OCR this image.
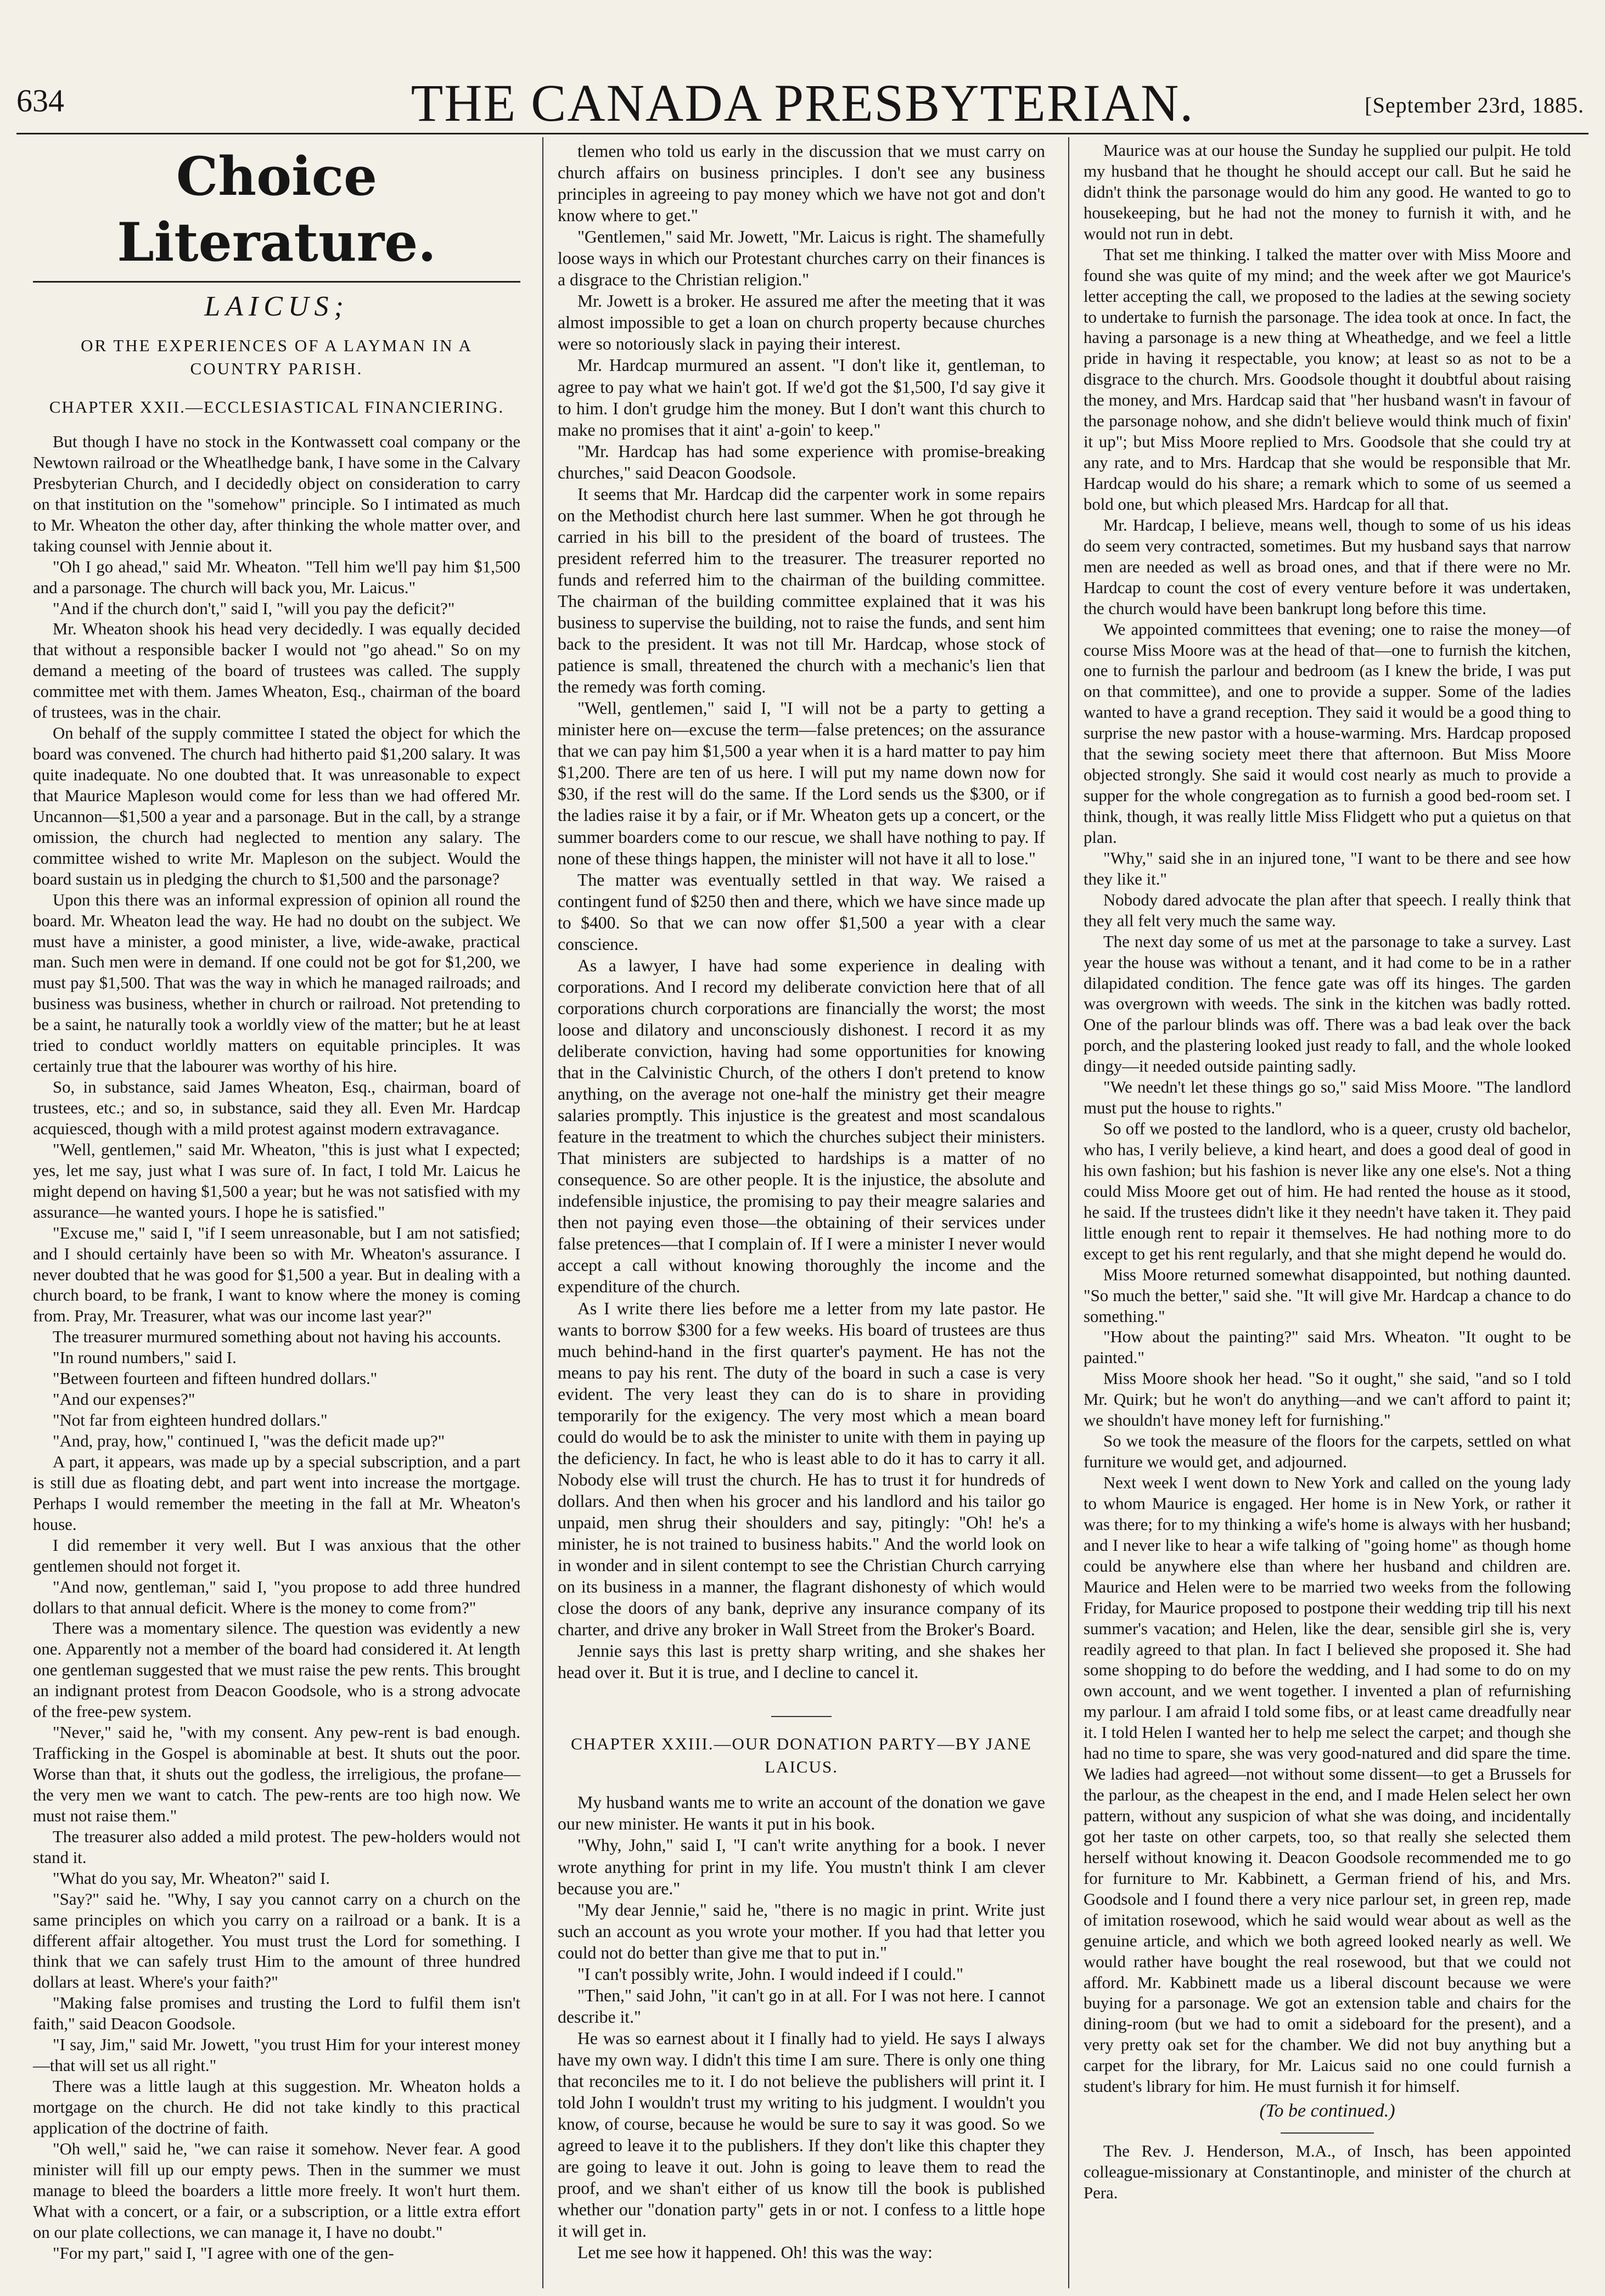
634	THE CANADA PRESBYTERIAN.	[September 23rd, 1885.
Choice Literature.
LAICUS;
OR THE EXPERIENCES OF A LAYMAN IN A COUNTRY PARISH.
CHAPTER XXII.—ECCLESIASTICAL FINANCIERING.

But though I have no stock in the Kontwassett coal company or the Newtown railroad or the Wheatlhedge bank, I have some in the Calvary Presbyterian Church, and I decidedly object on consideration to carry on that institution on the "somehow" principle. So I intimated as much to Mr. Wheaton the other day, after thinking the whole matter over, and taking counsel with Jennie about it.

"Oh I go ahead," said Mr. Wheaton. "Tell him we'll pay him $1,500 and a parsonage. The church will back you, Mr. Laicus."

"And if the church don't," said I, "will you pay the deficit?"

Mr. Wheaton shook his head very decidedly. I was equally decided that without a responsible backer I would not "go ahead." So on my demand a meeting of the board of trustees was called. The supply committee met with them. James Wheaton, Esq., chairman of the board of trustees, was in the chair.

On behalf of the supply committee I stated the object for which the board was convened. The church had hitherto paid $1,200 salary. It was quite inadequate. No one doubted that. It was unreasonable to expect that Maurice Mapleson would come for less than we had offered Mr. Uncannon—$1,500 a year and a parsonage. But in the call, by a strange omission, the church had neglected to mention any salary. The committee wished to write Mr. Mapleson on the subject. Would the board sustain us in pledging the church to $1,500 and the parsonage?

Upon this there was an informal expression of opinion all round the board. Mr. Wheaton lead the way. He had no doubt on the subject. We must have a minister, a good minister, a live, wide-awake, practical man. Such men were in demand. If one could not be got for $1,200, we must pay $1,500. That was the way in which he managed railroads; and business was business, whether in church or railroad. Not pretending to be a saint, he naturally took a worldly view of the matter; but he at least tried to conduct worldly matters on equitable principles. It was certainly true that the labourer was worthy of his hire.

So, in substance, said James Wheaton, Esq., chairman, board of trustees, etc.; and so, in substance, said they all. Even Mr. Hardcap acquiesced, though with a mild protest against modern extravagance.

"Well, gentlemen," said Mr. Wheaton, "this is just what I expected; yes, let me say, just what I was sure of. In fact, I told Mr. Laicus he might depend on having $1,500 a year; but he was not satisfied with my assurance—he wanted yours. I hope he is satisfied."

"Excuse me," said I, "if I seem unreasonable, but I am not satisfied; and I should certainly have been so with Mr. Wheaton's assurance. I never doubted that he was good for $1,500 a year. But in dealing with a church board, to be frank, I want to know where the money is coming from. Pray, Mr. Treasurer, what was our income last year?"

The treasurer murmured something about not having his accounts.

"In round numbers," said I.

"Between fourteen and fifteen hundred dollars."

"And our expenses?"

"Not far from eighteen hundred dollars."

"And, pray, how," continued I, "was the deficit made up?"

A part, it appears, was made up by a special subscription, and a part is still due as floating debt, and part went into increase the mortgage. Perhaps I would remember the meeting in the fall at Mr. Wheaton's house.

I did remember it very well. But I was anxious that the other gentlemen should not forget it.

"And now, gentleman," said I, "you propose to add three hundred dollars to that annual deficit. Where is the money to come from?"

There was a momentary silence. The question was evidently a new one. Apparently not a member of the board had considered it. At length one gentleman suggested that we must raise the pew rents. This brought an indignant protest from Deacon Goodsole, who is a strong advocate of the free-pew system.

"Never," said he, "with my consent. Any pew-rent is bad enough. Trafficking in the Gospel is abominable at best. It shuts out the poor. Worse than that, it shuts out the godless, the irreligious, the profane—the very men we want to catch. The pew-rents are too high now. We must not raise them."

The treasurer also added a mild protest. The pew-holders would not stand it.

"What do you say, Mr. Wheaton?" said I.

"Say?" said he. "Why, I say you cannot carry on a church on the same principles on which you carry on a railroad or a bank. It is a different affair altogether. You must trust the Lord for something. I think that we can safely trust Him to the amount of three hundred dollars at least. Where's your faith?"

"Making false promises and trusting the Lord to fulfil them isn't faith," said Deacon Goodsole.

"I say, Jim," said Mr. Jowett, "you trust Him for your interest money—that will set us all right."

There was a little laugh at this suggestion. Mr. Wheaton holds a mortgage on the church. He did not take kindly to this practical application of the doctrine of faith.

"Oh well," said he, "we can raise it somehow. Never fear. A good minister will fill up our empty pews. Then in the summer we must manage to bleed the boarders a little more freely. It won't hurt them. What with a concert, or a fair, or a subscription, or a little extra effort on our plate collections, we can manage it, I have no doubt."

"For my part," said I, "I agree with one of the gen-

tlemen who told us early in the discussion that we must carry on church affairs on business principles. I don't see any business principles in agreeing to pay money which we have not got and don't know where to get."

"Gentlemen," said Mr. Jowett, "Mr. Laicus is right. The shamefully loose ways in which our Protestant churches carry on their finances is a disgrace to the Christian religion."

Mr. Jowett is a broker. He assured me after the meeting that it was almost impossible to get a loan on church property because churches were so notoriously slack in paying their interest.

Mr. Hardcap murmured an assent. "I don't like it, gentleman, to agree to pay what we hain't got. If we'd got the $1,500, I'd say give it to him. I don't grudge him the money. But I don't want this church to make no promises that it aint' a-goin' to keep."

"Mr. Hardcap has had some experience with promise-breaking churches," said Deacon Goodsole.

It seems that Mr. Hardcap did the carpenter work in some repairs on the Methodist church here last summer. When he got through he carried in his bill to the president of the board of trustees. The president referred him to the treasurer. The treasurer reported no funds and referred him to the chairman of the building committee. The chairman of the building committee explained that it was his business to supervise the building, not to raise the funds, and sent him back to the president. It was not till Mr. Hardcap, whose stock of patience is small, threatened the church with a mechanic's lien that the remedy was forth coming.

"Well, gentlemen," said I, "I will not be a party to getting a minister here on—excuse the term—false pretences; on the assurance that we can pay him $1,500 a year when it is a hard matter to pay him $1,200. There are ten of us here. I will put my name down now for $30, if the rest will do the same. If the Lord sends us the $300, or if the ladies raise it by a fair, or if Mr. Wheaton gets up a concert, or the summer boarders come to our rescue, we shall have nothing to pay. If none of these things happen, the minister will not have it all to lose."

The matter was eventually settled in that way. We raised a contingent fund of $250 then and there, which we have since made up to $400. So that we can now offer $1,500 a year with a clear conscience.

As a lawyer, I have had some experience in dealing with corporations. And I record my deliberate conviction here that of all corporations church corporations are financially the worst; the most loose and dilatory and unconsciously dishonest. I record it as my deliberate conviction, having had some opportunities for knowing that in the Calvinistic Church, of the others I don't pretend to know anything, on the average not one-half the ministry get their meagre salaries promptly. This injustice is the greatest and most scandalous feature in the treatment to which the churches subject their ministers. That ministers are subjected to hardships is a matter of no consequence. So are other people. It is the injustice, the absolute and indefensible injustice, the promising to pay their meagre salaries and then not paying even those—the obtaining of their services under false pretences—that I complain of. If I were a minister I never would accept a call without knowing thoroughly the income and the expenditure of the church.

As I write there lies before me a letter from my late pastor. He wants to borrow $300 for a few weeks. His board of trustees are thus much behind-hand in the first quarter's payment. He has not the means to pay his rent. The duty of the board in such a case is very evident. The very least they can do is to share in providing temporarily for the exigency. The very most which a mean board could do would be to ask the minister to unite with them in paying up the deficiency. In fact, he who is least able to do it has to carry it all. Nobody else will trust the church. He has to trust it for hundreds of dollars. And then when his grocer and his landlord and his tailor go unpaid, men shrug their shoulders and say, pitingly: "Oh! he's a minister, he is not trained to business habits." And the world look on in wonder and in silent contempt to see the Christian Church carrying on its business in a manner, the flagrant dishonesty of which would close the doors of any bank, deprive any insurance company of its charter, and drive any broker in Wall Street from the Broker's Board.

Jennie says this last is pretty sharp writing, and she shakes her head over it. But it is true, and I decline to cancel it.

CHAPTER XXIII.—OUR DONATION PARTY—BY JANE LAICUS.

My husband wants me to write an account of the donation we gave our new minister. He wants it put in his book.

"Why, John," said I, "I can't write anything for a book. I never wrote anything for print in my life. You mustn't think I am clever because you are."

"My dear Jennie," said he, "there is no magic in print. Write just such an account as you wrote your mother. If you had that letter you could not do better than give me that to put in."

"I can't possibly write, John. I would indeed if I could."

"Then," said John, "it can't go in at all. For I was not here. I cannot describe it."

He was so earnest about it I finally had to yield. He says I always have my own way. I didn't this time I am sure. There is only one thing that reconciles me to it. I do not believe the publishers will print it. I told John I wouldn't trust my writing to his judgment. I wouldn't you know, of course, because he would be sure to say it was good. So we agreed to leave it to the publishers. If they don't like this chapter they are going to leave it out. John is going to leave them to read the proof, and we shan't either of us know till the book is published whether our "donation party" gets in or not. I confess to a little hope it will get in.

Let me see how it happened. Oh! this was the way:

Maurice was at our house the Sunday he supplied our pulpit. He told my husband that he thought he should accept our call. But he said he didn't think the parsonage would do him any good. He wanted to go to housekeeping, but he had not the money to furnish it with, and he would not run in debt.

That set me thinking. I talked the matter over with Miss Moore and found she was quite of my mind; and the week after we got Maurice's letter accepting the call, we proposed to the ladies at the sewing society to undertake to furnish the parsonage. The idea took at once. In fact, the having a parsonage is a new thing at Wheathedge, and we feel a little pride in having it respectable, you know; at least so as not to be a disgrace to the church. Mrs. Goodsole thought it doubtful about raising the money, and Mrs. Hardcap said that "her husband wasn't in favour of the parsonage nohow, and she didn't believe would think much of fixin' it up"; but Miss Moore replied to Mrs. Goodsole that she could try at any rate, and to Mrs. Hardcap that she would be responsible that Mr. Hardcap would do his share; a remark which to some of us seemed a bold one, but which pleased Mrs. Hardcap for all that.

Mr. Hardcap, I believe, means well, though to some of us his ideas do seem very contracted, sometimes. But my husband says that narrow men are needed as well as broad ones, and that if there were no Mr. Hardcap to count the cost of every venture before it was undertaken, the church would have been bankrupt long before this time.

We appointed committees that evening; one to raise the money—of course Miss Moore was at the head of that—one to furnish the kitchen, one to furnish the parlour and bedroom (as I knew the bride, I was put on that committee), and one to provide a supper. Some of the ladies wanted to have a grand reception. They said it would be a good thing to surprise the new pastor with a house-warming. Mrs. Hardcap proposed that the sewing society meet there that afternoon. But Miss Moore objected strongly. She said it would cost nearly as much to provide a supper for the whole congregation as to furnish a good bed-room set. I think, though, it was really little Miss Flidgett who put a quietus on that plan.

"Why," said she in an injured tone, "I want to be there and see how they like it."

Nobody dared advocate the plan after that speech. I really think that they all felt very much the same way.

The next day some of us met at the parsonage to take a survey. Last year the house was without a tenant, and it had come to be in a rather dilapidated condition. The fence gate was off its hinges. The garden was overgrown with weeds. The sink in the kitchen was badly rotted. One of the parlour blinds was off. There was a bad leak over the back porch, and the plastering looked just ready to fall, and the whole looked dingy—it needed outside painting sadly.

"We needn't let these things go so," said Miss Moore. "The landlord must put the house to rights."

So off we posted to the landlord, who is a queer, crusty old bachelor, who has, I verily believe, a kind heart, and does a good deal of good in his own fashion; but his fashion is never like any one else's. Not a thing could Miss Moore get out of him. He had rented the house as it stood, he said. If the trustees didn't like it they needn't have taken it. They paid little enough rent to repair it themselves. He had nothing more to do except to get his rent regularly, and that she might depend he would do.

Miss Moore returned somewhat disappointed, but nothing daunted. "So much the better," said she. "It will give Mr. Hardcap a chance to do something."

"How about the painting?" said Mrs. Wheaton. "It ought to be painted."

Miss Moore shook her head. "So it ought," she said, "and so I told Mr. Quirk; but he won't do anything—and we can't afford to paint it; we shouldn't have money left for furnishing."

So we took the measure of the floors for the carpets, settled on what furniture we would get, and adjourned.

Next week I went down to New York and called on the young lady to whom Maurice is engaged. Her home is in New York, or rather it was there; for to my thinking a wife's home is always with her husband; and I never like to hear a wife talking of "going home" as though home could be anywhere else than where her husband and children are. Maurice and Helen were to be married two weeks from the following Friday, for Maurice proposed to postpone their wedding trip till his next summer's vacation; and Helen, like the dear, sensible girl she is, very readily agreed to that plan. In fact I believed she proposed it. She had some shopping to do before the wedding, and I had some to do on my own account, and we went together. I invented a plan of refurnishing my parlour. I am afraid I told some fibs, or at least came dreadfully near it. I told Helen I wanted her to help me select the carpet; and though she had no time to spare, she was very good-natured and did spare the time. We ladies had agreed—not without some dissent—to get a Brussels for the parlour, as the cheapest in the end, and I made Helen select her own pattern, without any suspicion of what she was doing, and incidentally got her taste on other carpets, too, so that really she selected them herself without knowing it. Deacon Goodsole recommended me to go for furniture to Mr. Kabbinett, a German friend of his, and Mrs. Goodsole and I found there a very nice parlour set, in green rep, made of imitation rosewood, which he said would wear about as well as the genuine article, and which we both agreed looked nearly as well. We would rather have bought the real rosewood, but that we could not afford. Mr. Kabbinett made us a liberal discount because we were buying for a parsonage. We got an extension table and chairs for the dining-room (but we had to omit a sideboard for the present), and a very pretty oak set for the chamber. We did not buy anything but a carpet for the library, for Mr. Laicus said no one could furnish a student's library for him. He must furnish it for himself.

(To be continued.)

The Rev. J. Henderson, M.A., of Insch, has been appointed colleague-missionary at Constantinople, and minister of the church at Pera.
